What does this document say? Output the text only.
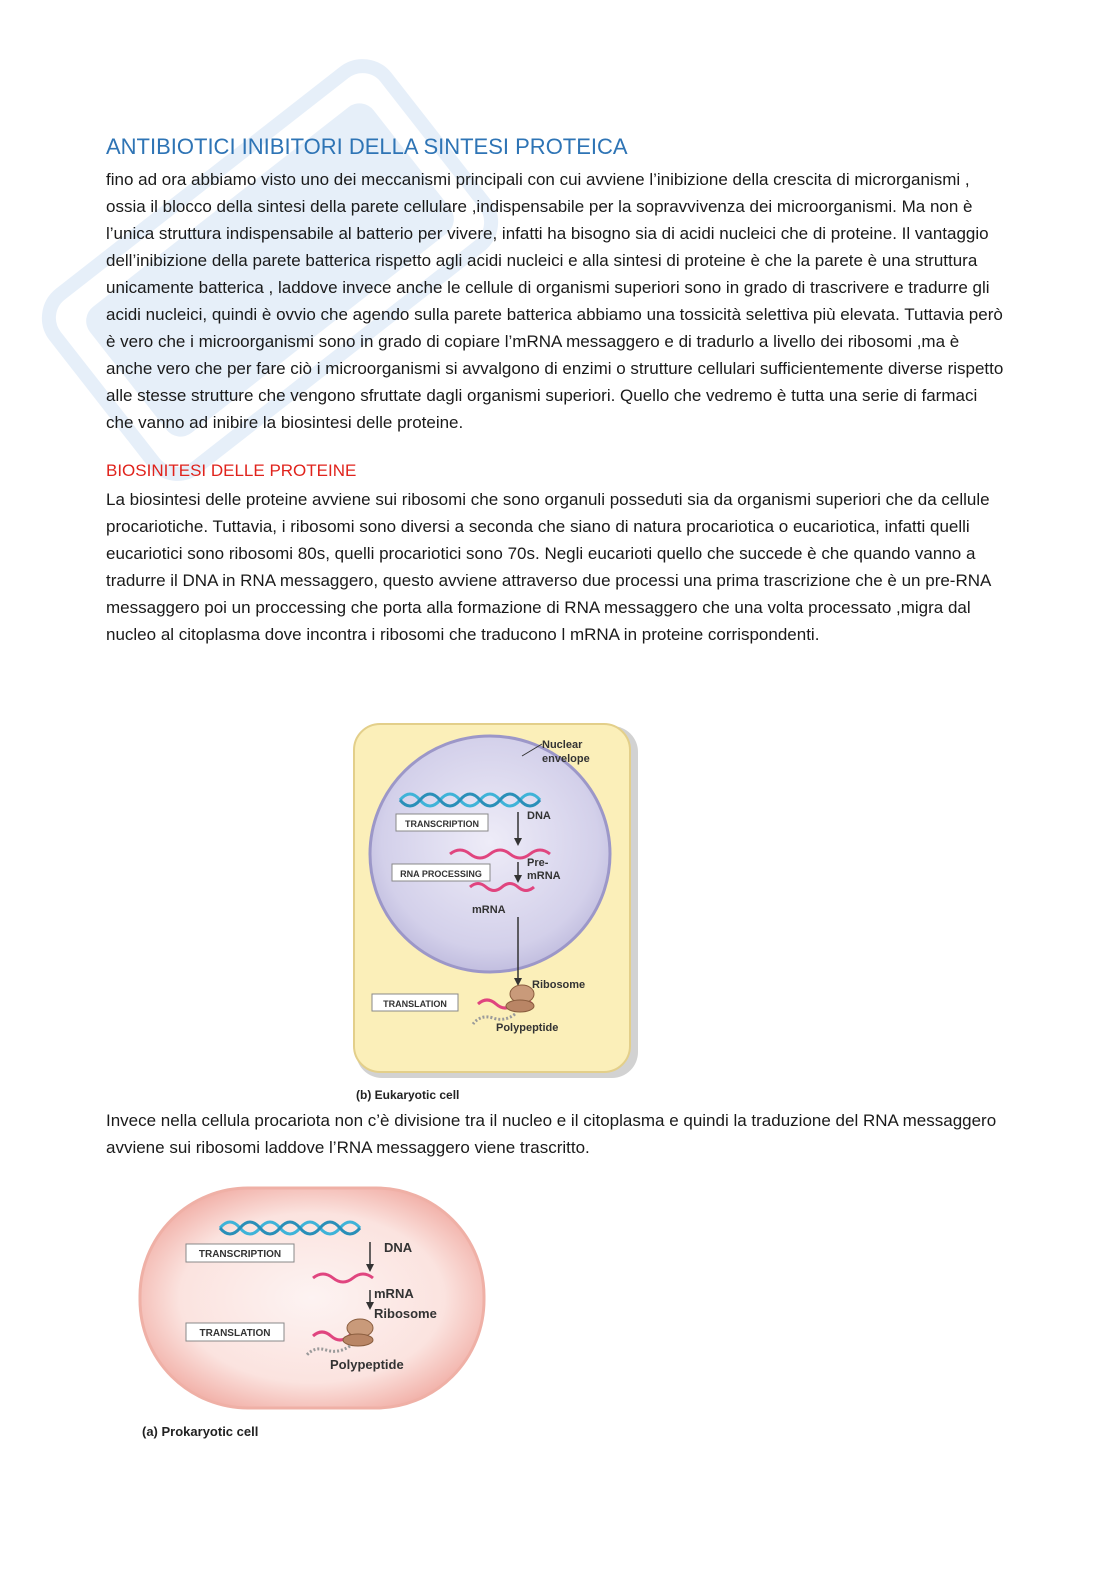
ANTIBIOTICI INIBITORI DELLA SINTESI PROTEICA

fino ad ora abbiamo visto uno dei meccanismi principali con cui avviene l’inibizione della crescita di microrganismi , ossia il blocco della sintesi della parete cellulare ,indispensabile per la sopravvivenza dei microorganismi. Ma non è l’unica struttura indispensabile al batterio per vivere, infatti ha bisogno sia di acidi nucleici che di proteine. Il vantaggio dell’inibizione della parete batterica rispetto agli acidi nucleici e alla sintesi di proteine è che la parete è una struttura unicamente batterica , laddove invece anche le cellule di organismi superiori sono in grado di trascrivere e tradurre gli acidi nucleici, quindi è ovvio che agendo sulla parete batterica abbiamo una tossicità selettiva più elevata. Tuttavia però è vero che i microorganismi sono in grado di copiare l’mRNA messaggero e di tradurlo a livello dei ribosomi ,ma è anche vero che per fare ciò i microorganismi si avvalgono di enzimi o strutture cellulari sufficientemente diverse rispetto alle stesse strutture che vengono sfruttate dagli organismi superiori. Quello che vedremo è tutta una serie di farmaci che vanno ad inibire la biosintesi delle proteine.

BIOSINITESI DELLE PROTEINE

La biosintesi delle proteine avviene sui ribosomi che sono organuli posseduti sia da organismi superiori che da cellule procariotiche. Tuttavia, i ribosomi sono diversi a seconda che siano di natura procariotica o eucariotica, infatti quelli eucariotici sono ribosomi 80s, quelli procariotici sono 70s. Negli eucarioti quello che succede è che quando vanno a tradurre il DNA in RNA messaggero, questo avviene attraverso due processi una prima trascrizione che è un pre-RNA messaggero poi un proccessing che porta alla formazione di RNA messaggero che una volta processato ,migra dal nucleo al citoplasma dove incontra i ribosomi che traducono l mRNA in proteine corrispondenti.

TRANSCRIPTION
RNA PROCESSING
TRANSLATION
Nuclear
envelope
DNA
Pre-
mRNA
mRNA
Ribosome
Polypeptide
(b) Eukaryotic cell

Invece nella cellula procariota non c’è divisione tra il nucleo e il citoplasma e quindi la traduzione del RNA messaggero avviene sui ribosomi laddove l’RNA messaggero viene trascritto.

TRANSCRIPTION
TRANSLATION
DNA
mRNA
Ribosome
Polypeptide
(a) Prokaryotic cell
